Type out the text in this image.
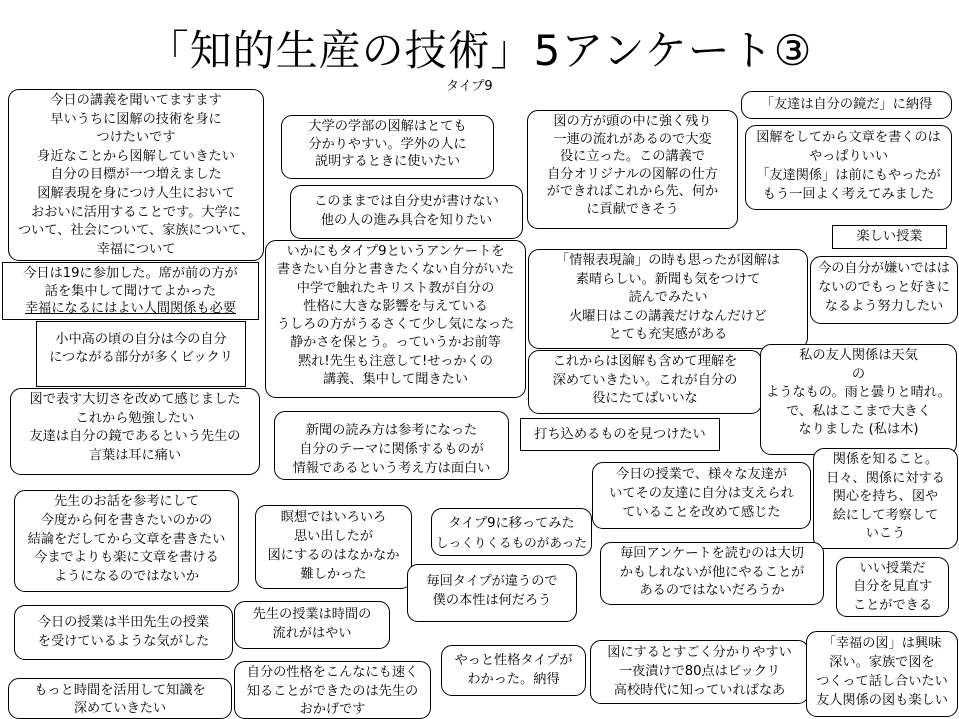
「知的生産の技術」5アンケート③
タイプ9
今日の講義を聞いてますます
早いうちに図解の技術を身に
つけたいです
身近なことから図解していきたい
自分の目標が一つ増えました
図解表現を身につけ人生において
おおいに活用することです。大学に
ついて、社会について、家族について、
幸福について
大学の学部の図解はとても
分かりやすい。学外の人に
説明するときに使いたい
このままでは自分史が書けない
他の人の進み具合を知りたい
図の方が頭の中に強く残り
一連の流れがあるので大変
役に立った。この講義で
自分オリジナルの図解の仕方
ができればこれから先、何か
に貢献できそう
「友達は自分の鏡だ」に納得
図解をしてから文章を書くのは
やっぱりいい
「友達関係」は前にもやったが
もう一回よく考えてみました
楽しい授業
今日は19に参加した。席が前の方が
話を集中して聞けてよかった
幸福になるにはよい人間関係も必要
いかにもタイプ9というアンケートを
書きたい自分と書きたくない自分がいた
中学で触れたキリスト教が自分の
性格に大きな影響を与えている
うしろの方がうるさくて少し気になった
静かさを保とう。っていうかお前等
黙れ!先生も注意して!せっかくの
講義、集中して聞きたい
「情報表現論」の時も思ったが図解は
素晴らしい。新聞も気をつけて
読んでみたい
火曜日はこの講義だけなんだけど
とても充実感がある
今の自分が嫌いではは
ないのでもっと好きに
なるよう努力したい
小中高の頃の自分は今の自分
につながる部分が多くビックリ	これからは図解も含めて理解を
深めていきたい。これが自分の
役にたてばいいな
私の友人関係は天気
の
ようなもの。雨と曇りと晴れ。
で、私はここまで大きく
なりました (私は木)
図で表す大切さを改めて感じました
これから勉強したい
友達は自分の鏡であるという先生の
言葉は耳に痛い
新聞の読み方は参考になった
自分のテーマに関係するものが
情報であるという考え方は面白い
打ち込めるものを見つけたい
関係を知ること。
日々、関係に対する
関心を持ち、図や
絵にして考察して
いこう
今日の授業で、様々な友達が
いてその友達に自分は支えられ
ていることを改めて感じた
先生のお話を参考にして
今度から何を書きたいのかの
結論をだしてから文章を書きたい
今までよりも楽に文章を書ける
ようになるのではないか
瞑想ではいろいろ
思い出したが
図にするのはなかなか
難しかった
タイプ9に移ってみた
しっくりくるものがあった
毎回アンケートを読むのは大切
かもしれないが他にやることが
あるのではないだろうか
毎回タイプが違うので
僕の本性は何だろう
いい授業だ
自分を見直す
ことができる
今日の授業は半田先生の授業
を受けているような気がした
先生の授業は時間の
流れがはやい
やっと性格タイプが
わかった。納得
図にするとすごく分かりやすい
一夜漬けで80点はビックリ
高校時代に知っていればなあ
「幸福の図」は興味
深い。家族で図を
つくって話し合いたい
友人関係の図も楽しい
もっと時間を活用して知識を
深めていきたい
自分の性格をこんなにも速く
知ることができたのは先生の
おかげです
